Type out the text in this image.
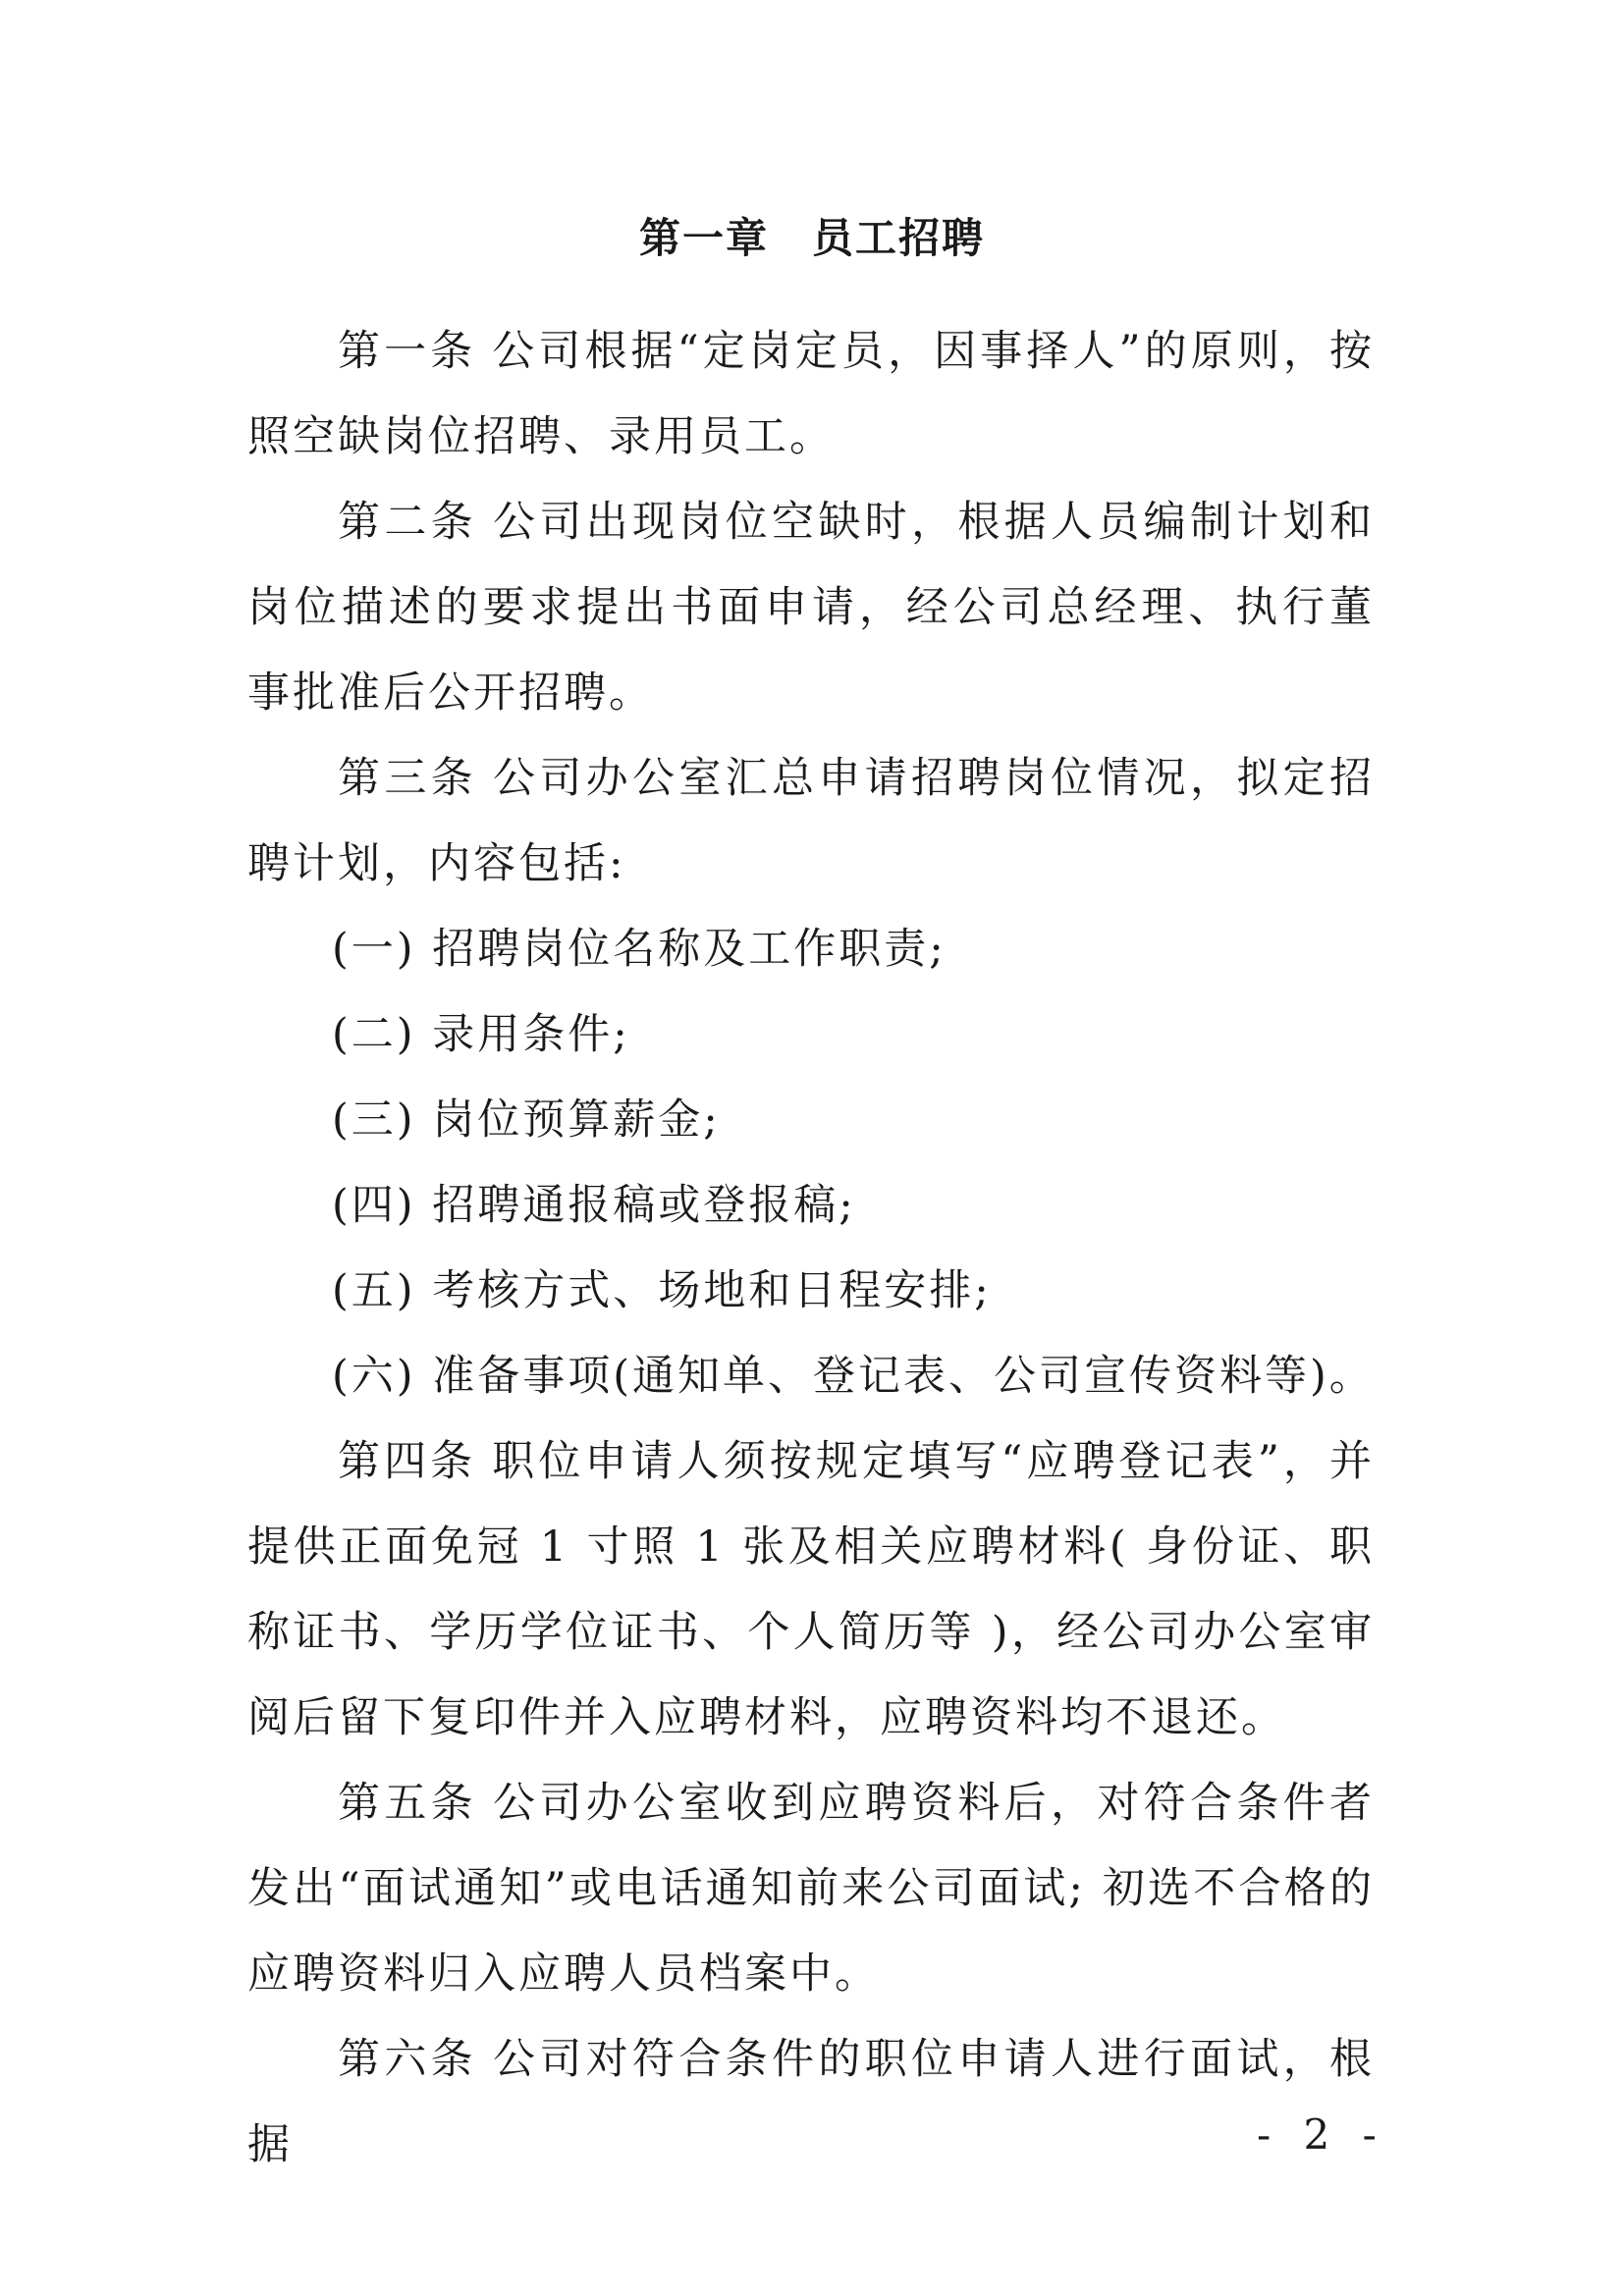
第一章　员工招聘

第一条 公司根据“定岗定员，因事择人”的原则，按照空缺岗位招聘、录用员工。

第二条 公司出现岗位空缺时，根据人员编制计划和岗位描述的要求提出书面申请，经公司总经理、执行董事批准后公开招聘。

第三条 公司办公室汇总申请招聘岗位情况，拟定招聘计划，内容包括:

(一) 招聘岗位名称及工作职责;

(二) 录用条件;

(三) 岗位预算薪金;

(四) 招聘通报稿或登报稿;

(五) 考核方式、场地和日程安排;

(六) 准备事项(通知单、登记表、公司宣传资料等)。

第四条 职位申请人须按规定填写“应聘登记表”，并提供正面免冠 1 寸照 1 张及相关应聘材料( 身份证、职称证书、学历学位证书、个人简历等 )，经公司办公室审阅后留下复印件并入应聘材料，应聘资料均不退还。

第五条 公司办公室收到应聘资料后，对符合条件者发出“面试通知”或电话通知前来公司面试; 初选不合格的应聘资料归入应聘人员档案中。

第六条 公司对符合条件的职位申请人进行面试，根据	- 2 -
